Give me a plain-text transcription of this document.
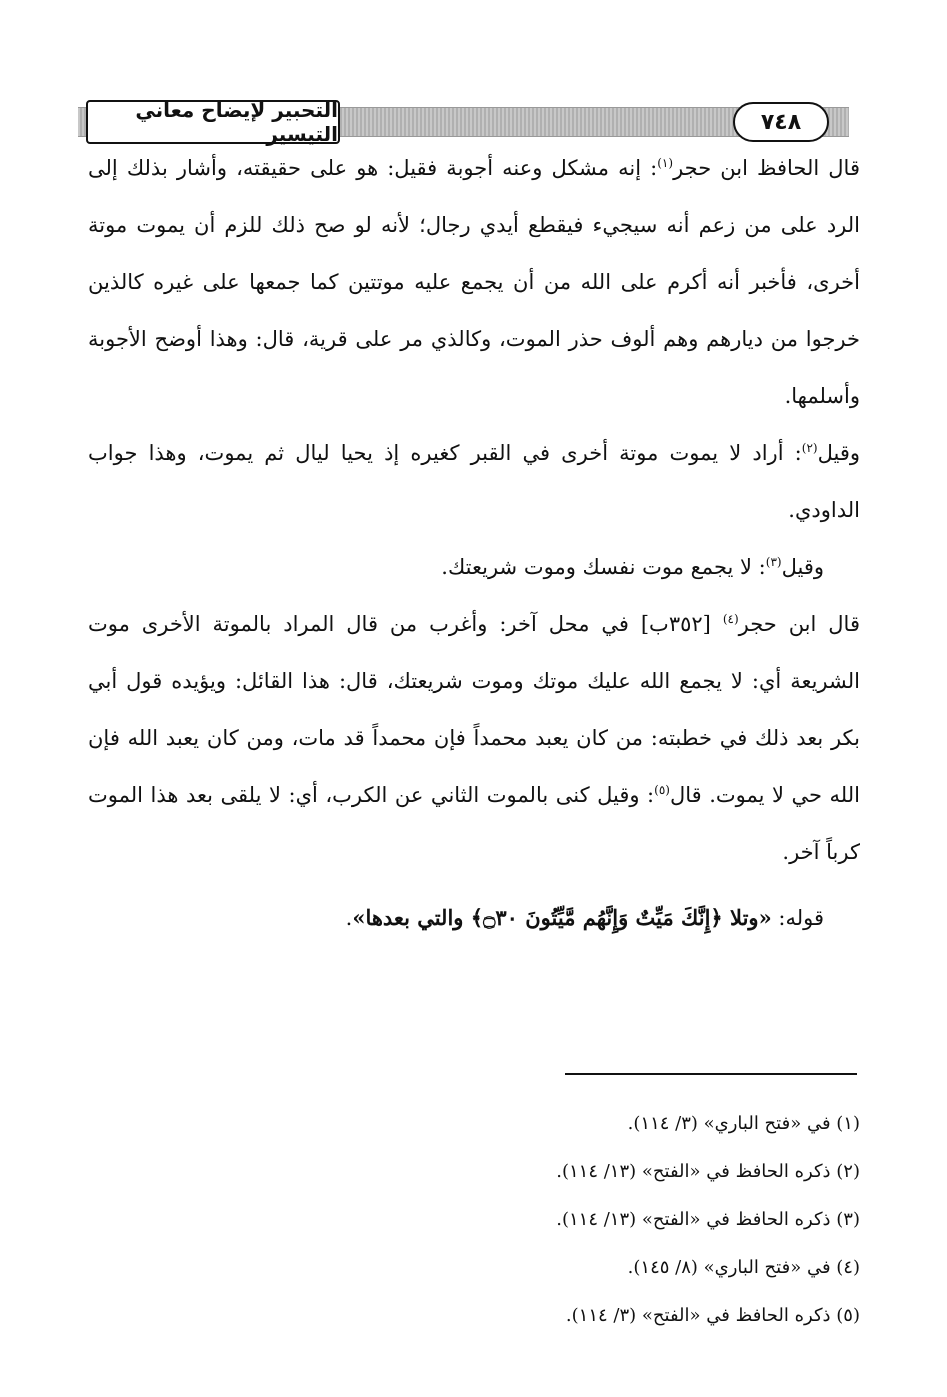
التحبير لإيضاح معاني التيسير	٧٤٨

قال الحافظ ابن حجر$^{(١)}$: إنه مشكل وعنه أجوبة فقيل: هو على حقيقته، وأشار بذلك إلى الرد على من زعم أنه سيجيء فيقطع أيدي رجال؛ لأنه لو صح ذلك للزم أن يموت موتة أخرى، فأخبر أنه أكرم على الله من أن يجمع عليه موتتين كما جمعها على غيره كالذين خرجوا من ديارهم وهم ألوف حذر الموت، وكالذي مر على قرية، قال: وهذا أوضح الأجوبة وأسلمها.

وقيل$^{(٢)}$: أراد لا يموت موتة أخرى في القبر كغيره إذ يحيا ليال ثم يموت، وهذا جواب الداودي.

وقيل$^{(٣)}$: لا يجمع موت نفسك وموت شريعتك.

قال ابن حجر$^{(٤)}$ [٣٥٢ب] في محل آخر: وأغرب من قال المراد بالموتة الأخرى موت الشريعة أي: لا يجمع الله عليك موتك وموت شريعتك، قال: هذا القائل: ويؤيده قول أبي بكر بعد ذلك في خطبته: من كان يعبد محمداً فإن محمداً قد مات، ومن كان يعبد الله فإن الله حي لا يموت. قال$^{(٥)}$: وقيل كنى بالموت الثاني عن الكرب، أي: لا يلقى بعد هذا الموت كرباً آخر.

قوله: «وتلا ﴿إِنَّكَ مَيِّتٌ وَإِنَّهُم مَّيِّتُونَ ۝٣٠﴾ والتي بعدها».

(١) في «فتح الباري» (٣/ ١١٤).

(٢) ذكره الحافظ في «الفتح» (١٣/ ١١٤).

(٣) ذكره الحافظ في «الفتح» (١٣/ ١١٤).

(٤) في «فتح الباري» (٨/ ١٤٥).

(٥) ذكره الحافظ في «الفتح» (٣/ ١١٤).
